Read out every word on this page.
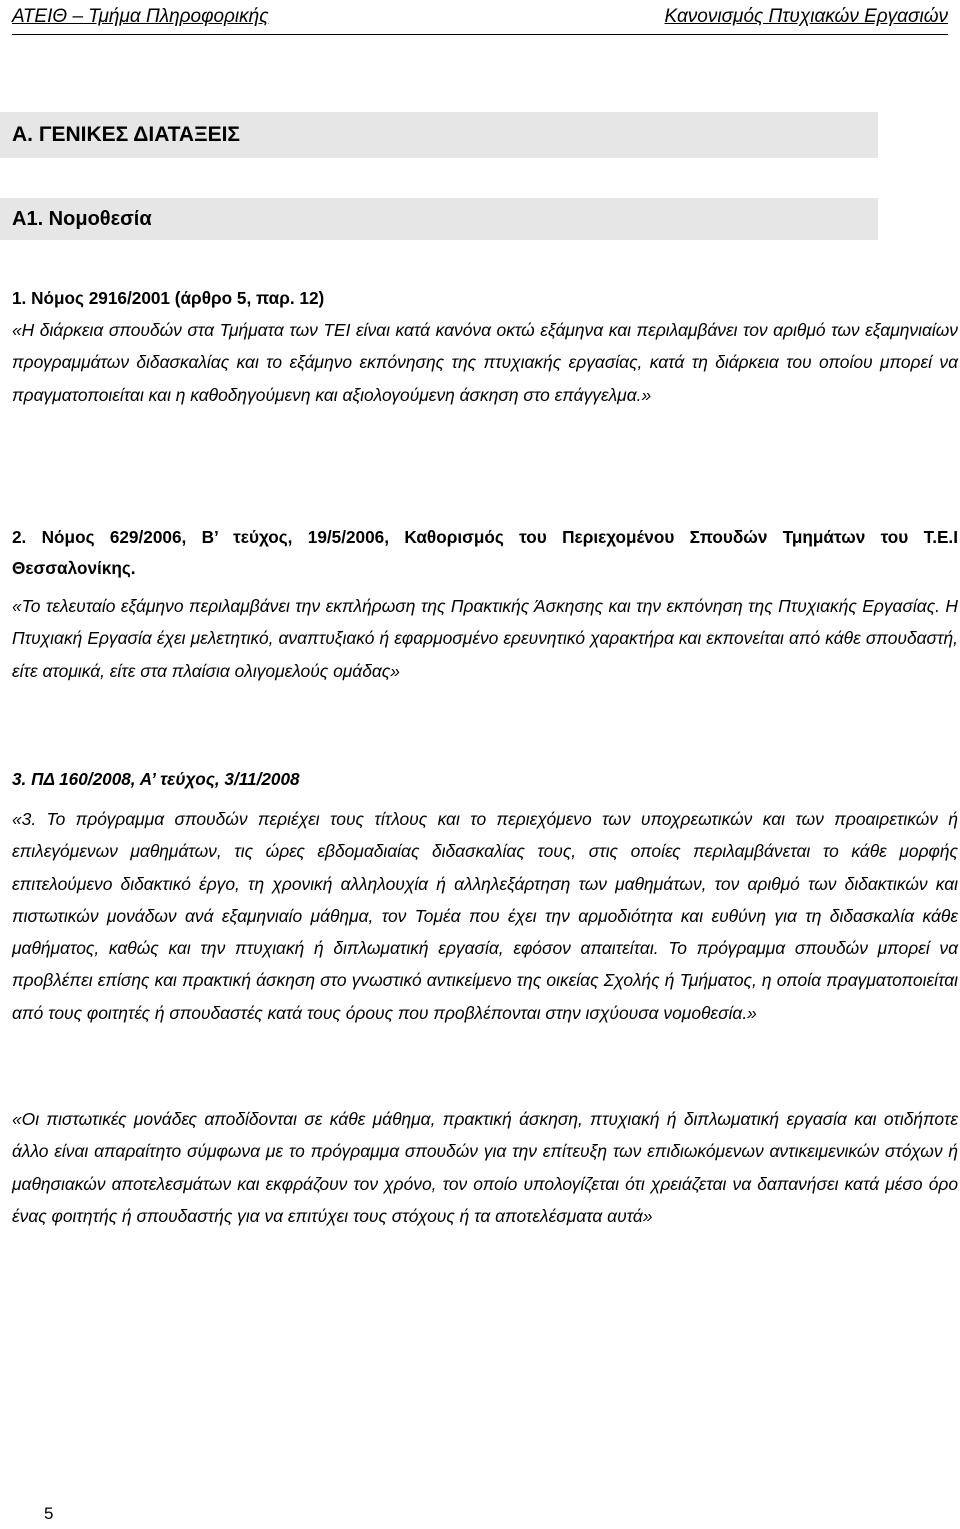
ΑΤΕΙΘ – Τμήμα Πληροφορικής	Κανονισμός Πτυχιακών Εργασιών
Α. ΓΕΝΙΚΕΣ ΔΙΑΤΑΞΕΙΣ
Α1. Νομοθεσία
1. Νόμος 2916/2001 (άρθρο 5, παρ. 12)
«Η διάρκεια σπουδών στα Τμήματα των ΤΕΙ είναι κατά κανόνα οκτώ εξάμηνα και περιλαμβάνει τον αριθμό των εξαμηνιαίων προγραμμάτων διδασκαλίας και το εξάμηνο εκπόνησης της πτυχιακής εργασίας, κατά τη διάρκεια του οποίου μπορεί να πραγματοποιείται και η καθοδηγούμενη και αξιολογούμενη άσκηση στο επάγγελμα.»
2. Νόμος 629/2006, Β’ τεύχος, 19/5/2006, Καθορισμός του Περιεχομένου Σπουδών Τμημάτων του Τ.Ε.Ι Θεσσαλονίκης.
«Το τελευταίο εξάμηνο περιλαμβάνει την εκπλήρωση της Πρακτικής Άσκησης και την εκπόνηση της Πτυχιακής Εργασίας. Η Πτυχιακή Εργασία έχει μελετητικό, αναπτυξιακό ή εφαρμοσμένο ερευνητικό χαρακτήρα και εκπονείται από κάθε σπουδαστή, είτε ατομικά, είτε στα πλαίσια ολιγομελούς ομάδας»
3. ΠΔ 160/2008, Α’ τεύχος, 3/11/2008
«3. Το πρόγραμμα σπουδών περιέχει τους τίτλους και το περιεχόμενο των υποχρεωτικών και των προαιρετικών ή επιλεγόμενων μαθημάτων, τις ώρες εβδομαδιαίας διδασκαλίας τους, στις οποίες περιλαμβάνεται το κάθε μορφής επιτελούμενο διδακτικό έργο, τη χρονική αλληλουχία ή αλληλεξάρτηση των μαθημάτων, τον αριθμό των διδακτικών και πιστωτικών μονάδων ανά εξαμηνιαίο μάθημα, τον Τομέα που έχει την αρμοδιότητα και ευθύνη για τη διδασκαλία κάθε μαθήματος, καθώς και την πτυχιακή ή διπλωματική εργασία, εφόσον απαιτείται. Το πρόγραμμα σπουδών μπορεί να προβλέπει επίσης και πρακτική άσκηση στο γνωστικό αντικείμενο της οικείας Σχολής ή Τμήματος, η οποία πραγματοποιείται από τους φοιτητές ή σπουδαστές κατά τους όρους που προβλέπονται στην ισχύουσα νομοθεσία.»
«Οι πιστωτικές μονάδες αποδίδονται σε κάθε μάθημα, πρακτική άσκηση, πτυχιακή ή διπλωματική εργασία και οτιδήποτε άλλο είναι απαραίτητο σύμφωνα με το πρόγραμμα σπουδών για την επίτευξη των επιδιωκόμενων αντικειμενικών στόχων ή μαθησιακών αποτελεσμάτων και εκφράζουν τον χρόνο, τον οποίο υπολογίζεται ότι χρειάζεται να δαπανήσει κατά μέσο όρο ένας φοιτητής ή σπουδαστής για να επιτύχει τους στόχους ή τα αποτελέσματα αυτά»
5
